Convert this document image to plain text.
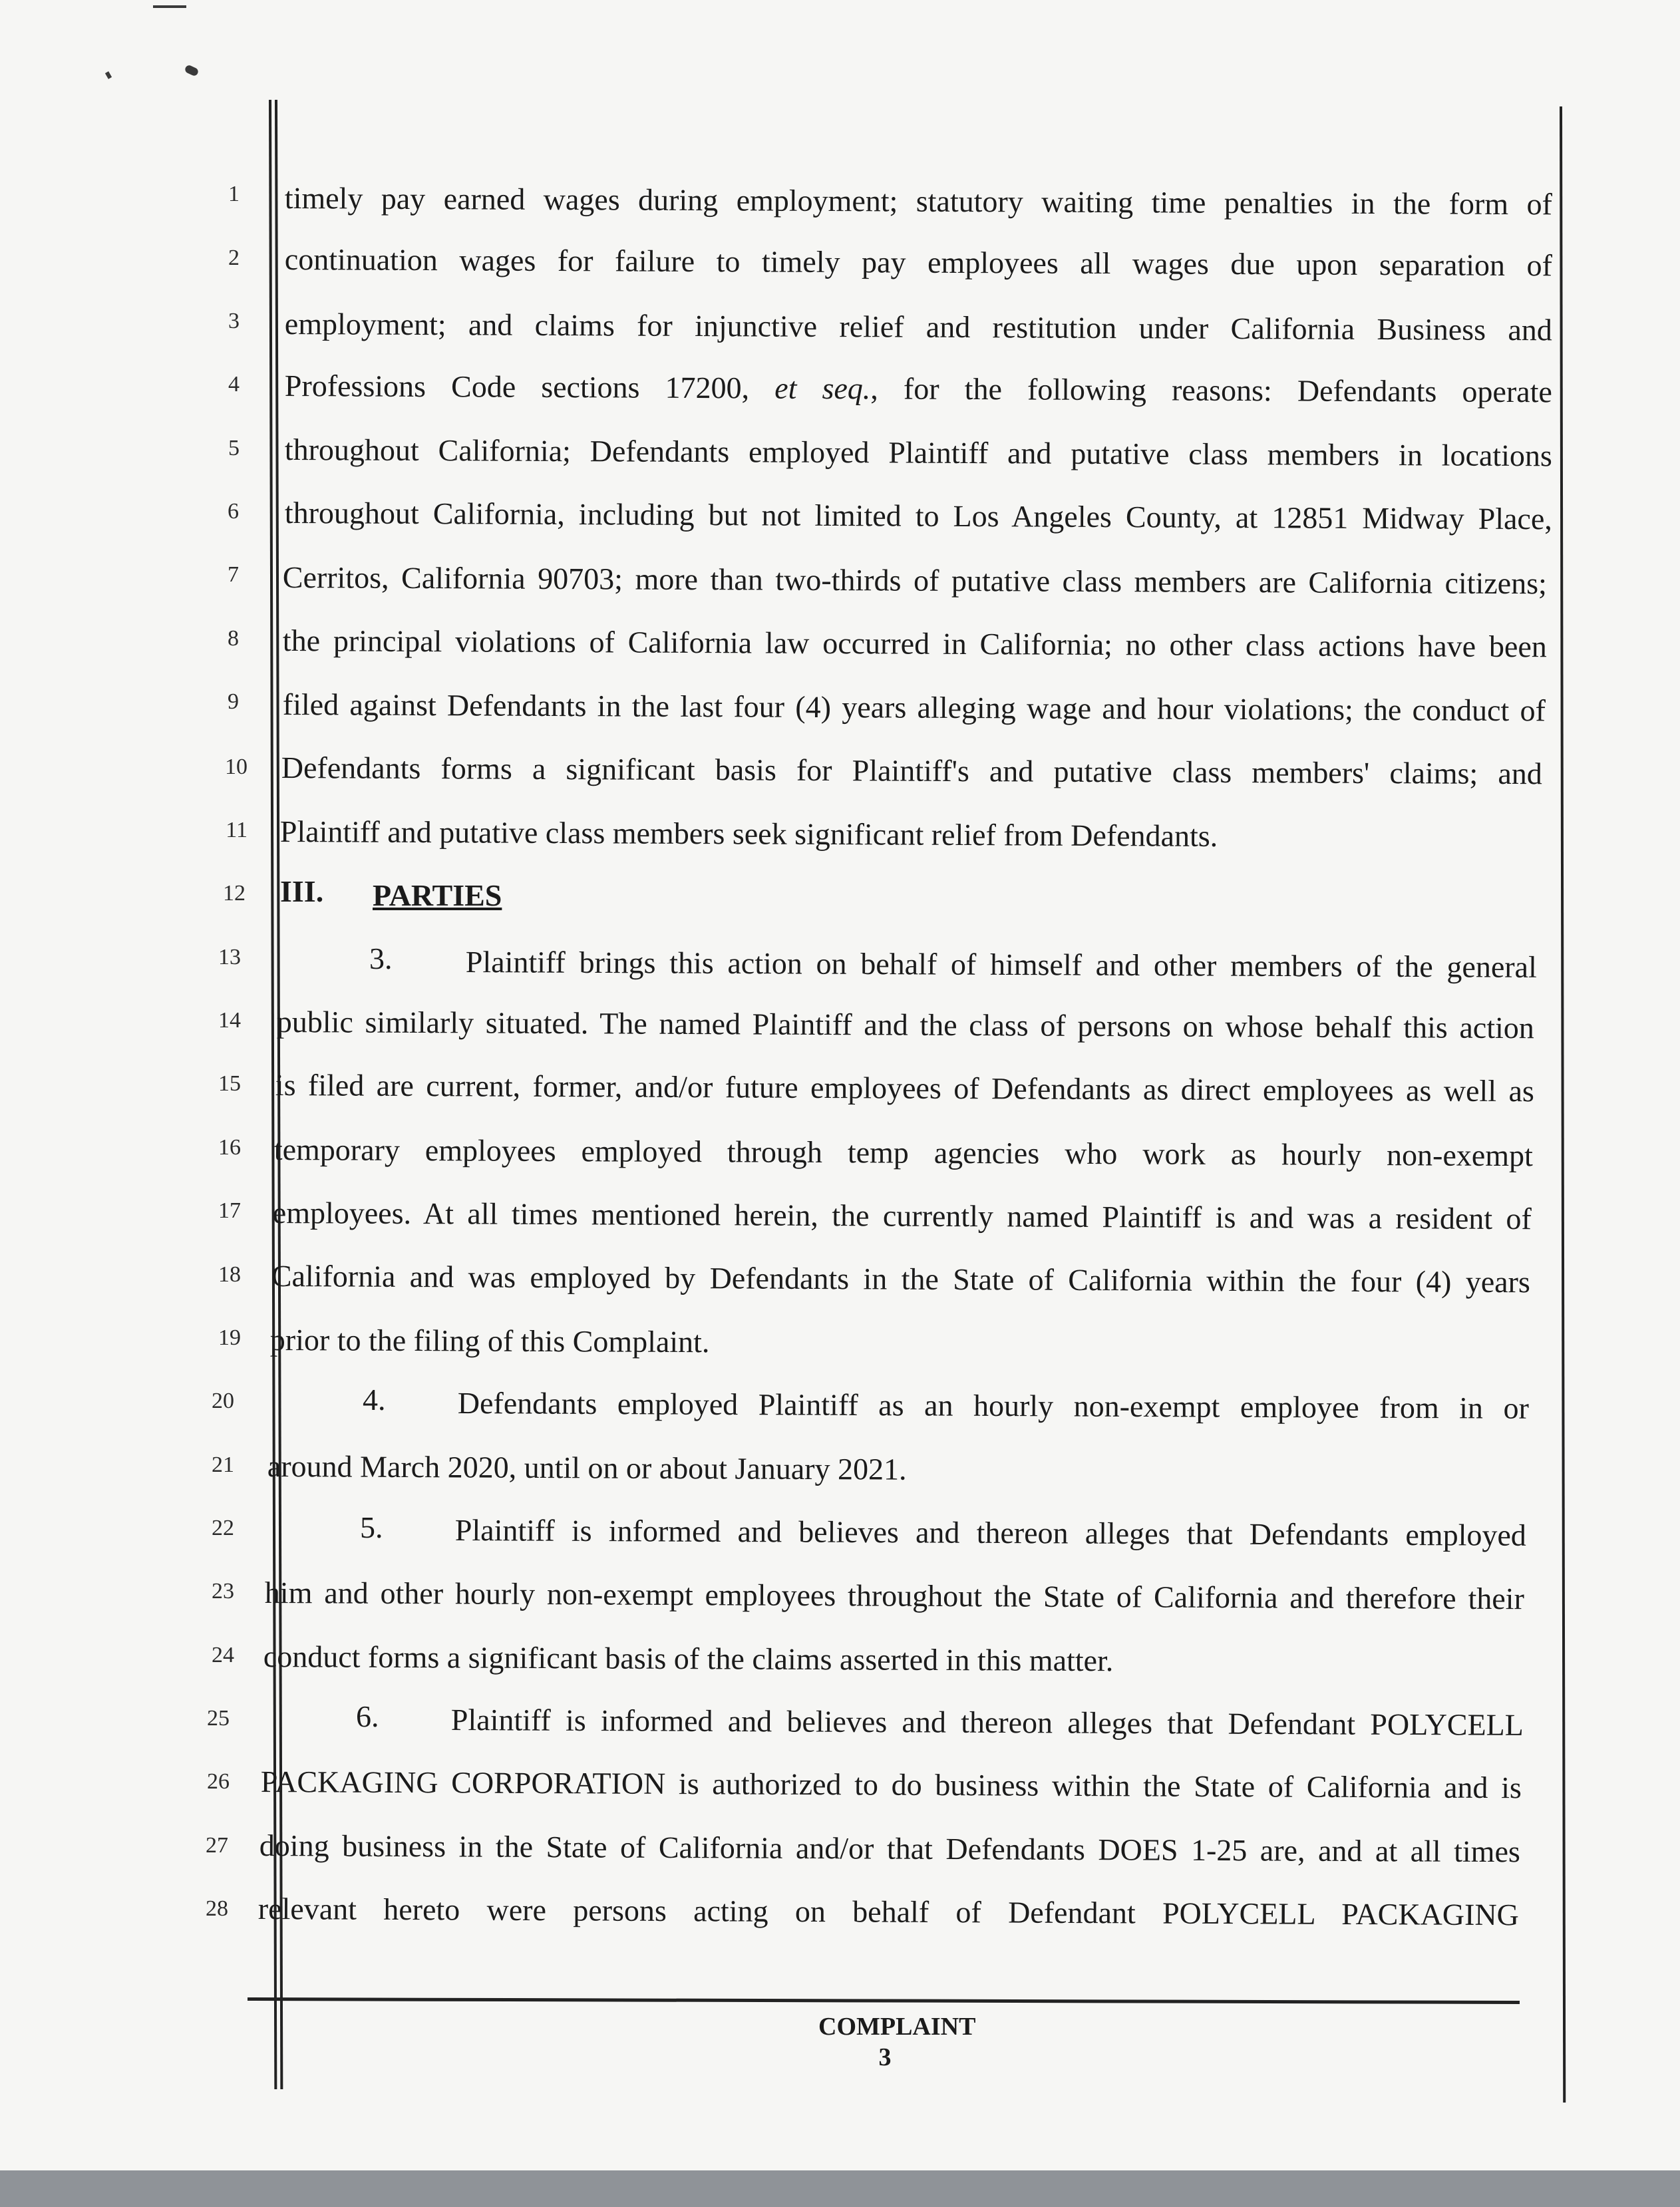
1
2
3
4
5
6
7
8
9
10
11
12
13
14
15
16
17
18
19
20
21
22
23
24
25
26
27
28
timely pay earned wages during employment; statutory waiting time penalties in the form of
continuation wages for failure to timely pay employees all wages due upon separation of
employment; and claims for injunctive relief and restitution under California Business and
Professions Code sections 17200, et seq., for the following reasons: Defendants operate
throughout California; Defendants employed Plaintiff and putative class members in locations
throughout California, including but not limited to Los Angeles County, at 12851 Midway Place,
Cerritos, California 90703; more than two-thirds of putative class members are California citizens;
the principal violations of California law occurred in California; no other class actions have been
filed against Defendants in the last four (4) years alleging wage and hour violations; the conduct of
Defendants forms a significant basis for Plaintiff's and putative class members' claims; and
Plaintiff and putative class members seek significant relief from Defendants.
III. PARTIES
3. Plaintiff brings this action on behalf of himself and other members of the general
public similarly situated. The named Plaintiff and the class of persons on whose behalf this action
is filed are current, former, and/or future employees of Defendants as direct employees as well as
temporary employees employed through temp agencies who work as hourly non-exempt
employees. At all times mentioned herein, the currently named Plaintiff is and was a resident of
California and was employed by Defendants in the State of California within the four (4) years
prior to the filing of this Complaint.
4. Defendants employed Plaintiff as an hourly non-exempt employee from in or
around March 2020, until on or about January 2021.
5. Plaintiff is informed and believes and thereon alleges that Defendants employed
him and other hourly non-exempt employees throughout the State of California and therefore their
conduct forms a significant basis of the claims asserted in this matter.
6. Plaintiff is informed and believes and thereon alleges that Defendant POLYCELL
PACKAGING CORPORATION is authorized to do business within the State of California and is
doing business in the State of California and/or that Defendants DOES 1-25 are, and at all times
relevant hereto were persons acting on behalf of Defendant POLYCELL PACKAGING
COMPLAINT
3
